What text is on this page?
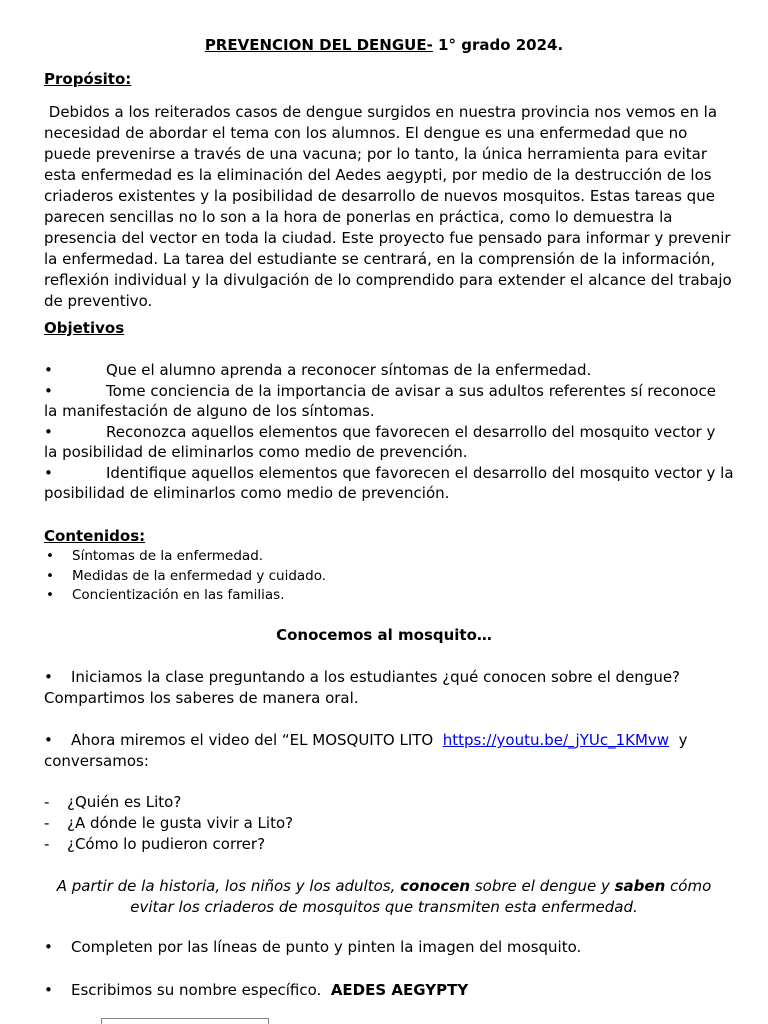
PREVENCION DEL DENGUE- 1° grado 2024.
Propósito:
Debidos a los reiterados casos de dengue surgidos en nuestra provincia nos vemos en la
necesidad de abordar el tema con los alumnos. El dengue es una enfermedad que no
puede prevenirse a través de una vacuna; por lo tanto, la única herramienta para evitar
esta enfermedad es la eliminación del Aedes aegypti, por medio de la destrucción de los
criaderos existentes y la posibilidad de desarrollo de nuevos mosquitos. Estas tareas que
parecen sencillas no lo son a la hora de ponerlas en práctica, como lo demuestra la
presencia del vector en toda la ciudad. Este proyecto fue pensado para informar y prevenir
la enfermedad. La tarea del estudiante se centrará, en la comprensión de la información,
reflexión individual y la divulgación de lo comprendido para extender el alcance del trabajo
de preventivo.
Objetivos
•	Que el alumno aprenda a reconocer síntomas de la enfermedad.
•	Tome conciencia de la importancia de avisar a sus adultos referentes sí reconoce
la manifestación de alguno de los síntomas.
•	Reconozca aquellos elementos que favorecen el desarrollo del mosquito vector y
la posibilidad de eliminarlos como medio de prevención.
•	Identifique aquellos elementos que favorecen el desarrollo del mosquito vector y la
posibilidad de eliminarlos como medio de prevención.
Contenidos:
• Síntomas de la enfermedad.
• Medidas de la enfermedad y cuidado.
• Concientización en las familias.
Conocemos al mosquito…
• Iniciamos la clase preguntando a los estudiantes ¿qué conocen sobre el dengue?
Compartimos los saberes de manera oral.
• Ahora miremos el video del “EL MOSQUITO LITO  https://youtu.be/_jYUc_1KMvw  y
conversamos:
- ¿Quién es Lito?
- ¿A dónde le gusta vivir a Lito?
- ¿Cómo lo pudieron correr?
A partir de la historia, los niños y los adultos, conocen sobre el dengue y saben cómo
evitar los criaderos de mosquitos que transmiten esta enfermedad.
• Completen por las líneas de punto y pinten la imagen del mosquito.
• Escribimos su nombre específico.  AEDES AEGYPTY
